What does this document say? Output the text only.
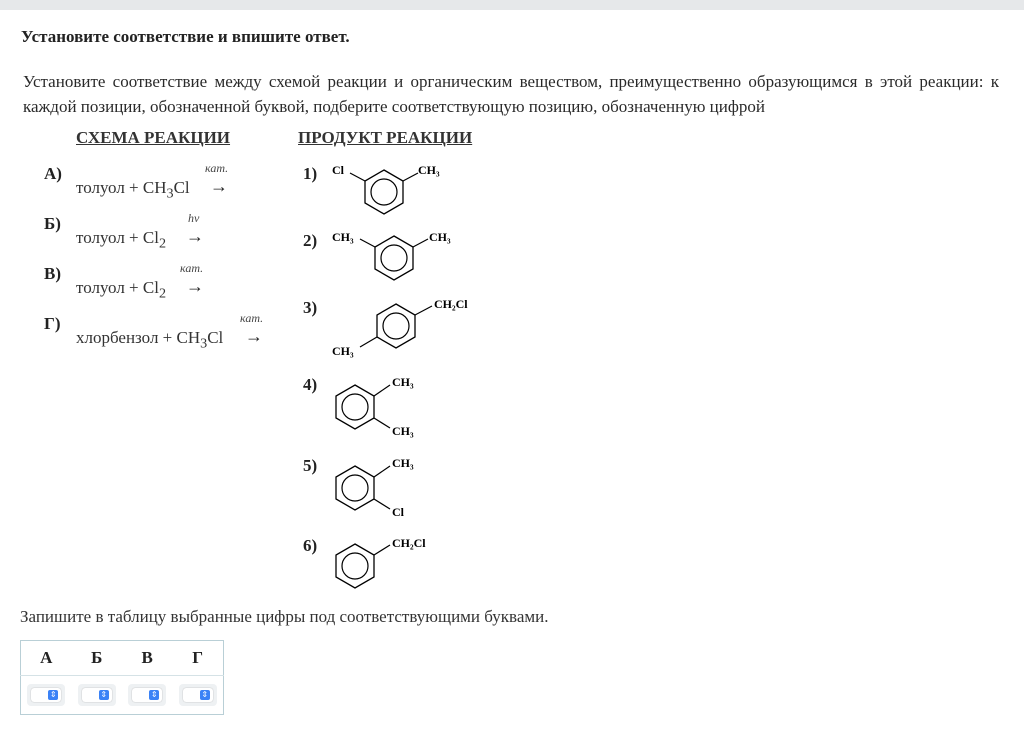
Установите соответствие и впишите ответ.
Установите соответствие между схемой реакции и органическим веществом, преимущественно образующимся в этой реакции: к каждой позиции, обозначенной буквой, подберите соответствующую позицию, обозначенную цифрой
СХЕМА РЕАКЦИИ	ПРОДУКТ РЕАКЦИИ
А)	кат.
толуол + $CH_3Cl$ →
Б)	hv
толуол + $Cl_2$ →
В)	кат.
толуол + $Cl_2$ →
Г)	кат.
хлорбензол + $CH_3Cl$ →
1) Cl	CH₃
2) CH₃	CH₃
3)	CH₂Cl
CH₃
4)	CH₃
CH₃
5)	CH₃
Cl
6)	CH₂Cl
Запишите в таблицу выбранные цифры под соответствующими буквами.
А	Б	В	Г

⇕	⇕	⇕	⇕
